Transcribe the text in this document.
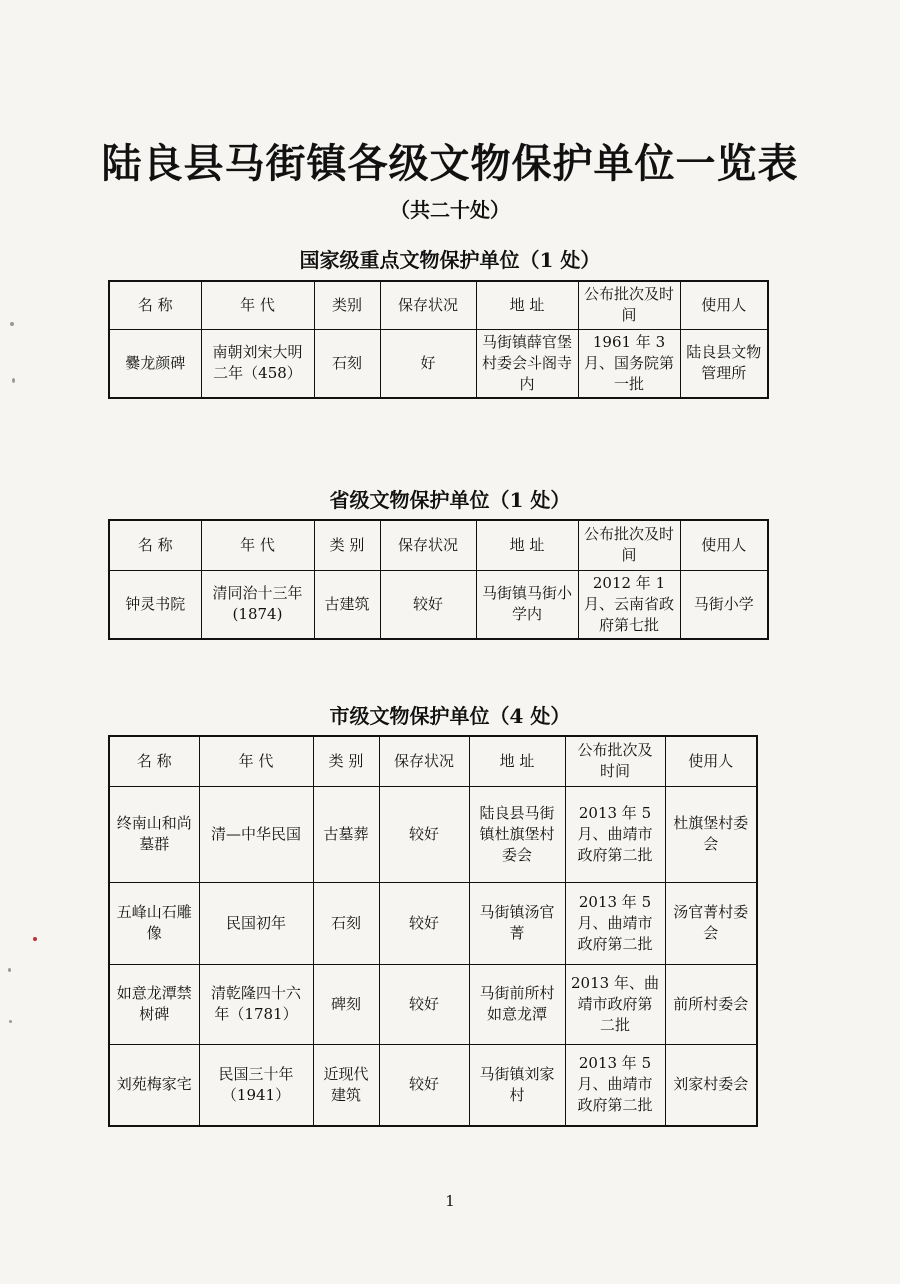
陆良县马街镇各级文物保护单位一览表
（共二十处）
国家级重点文物保护单位（1 处）
名 称	年 代	类别	保存状况	地 址	公布批次及时间	使用人
爨龙颜碑	南朝刘宋大明二年（458）	石刻	好	马街镇薛官堡村委会斗阁寺内	1961 年 3 月、国务院第一批	陆良县文物管理所
省级文物保护单位（1 处）
名 称	年 代	类 别	保存状况	地 址	公布批次及时间	使用人
钟灵书院	清同治十三年(1874)	古建筑	较好	马街镇马街小学内	2012 年 1 月、云南省政府第七批	马街小学
市级文物保护单位（4 处）
名 称	年 代	类 别	保存状况	地 址	公布批次及时间	使用人
终南山和尚墓群	清—中华民国	古墓葬	较好	陆良县马街镇杜旗堡村委会	2013 年 5 月、曲靖市政府第二批	杜旗堡村委会
五峰山石雕像	民国初年	石刻	较好	马街镇汤官菁	2013 年 5 月、曲靖市政府第二批	汤官菁村委会
如意龙潭禁树碑	清乾隆四十六年（1781）	碑刻	较好	马街前所村如意龙潭	2013 年、曲靖市政府第二批	前所村委会
刘苑梅家宅	民国三十年（1941）	近现代建筑	较好	马街镇刘家村	2013 年 5 月、曲靖市政府第二批	刘家村委会
1
